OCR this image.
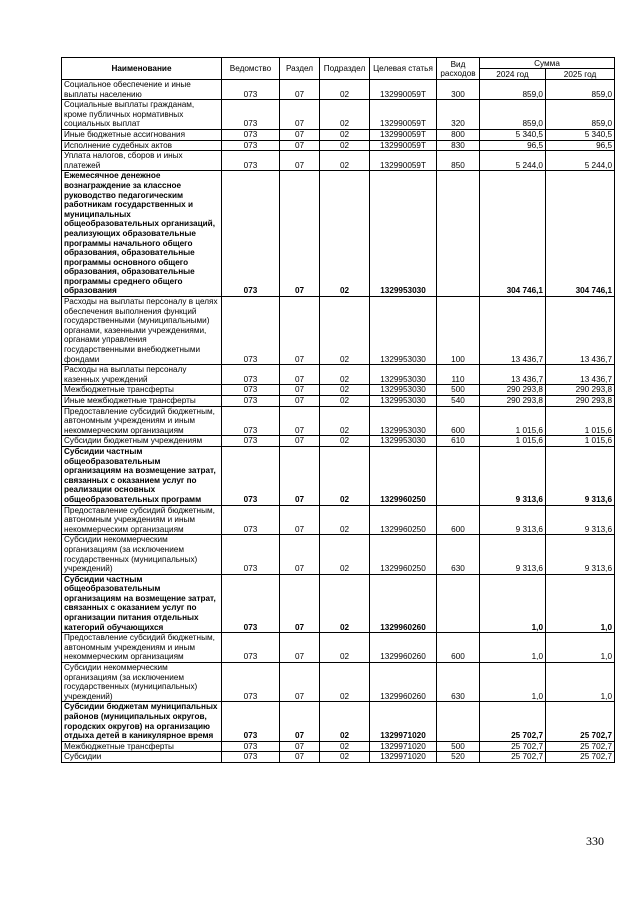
Наименование	Ведомство	Раздел	Подраздел	Целевая статья	Вид расходов	Сумма	
						2024 год	2025 год
Социальное обеспечение и иные выплаты населению	073	07	02	132990059Т	300	859,0	859,0
Социальные выплаты гражданам, кроме публичных нормативных социальных выплат	073	07	02	132990059Т	320	859,0	859,0
Иные бюджетные ассигнования	073	07	02	132990059Т	800	5 340,5	5 340,5
Исполнение судебных актов	073	07	02	132990059Т	830	96,5	96,5
Уплата налогов, сборов и иных платежей	073	07	02	132990059Т	850	5 244,0	5 244,0
Ежемесячное денежное вознаграждение за классное руководство педагогическим работникам государственных и муниципальных общеобразовательных организаций, реализующих образовательные программы начального общего образования, образовательные программы основного общего образования, образовательные программы среднего общего образования	073	07	02	1329953030		304 746,1	304 746,1
Расходы на выплаты персоналу в целях обеспечения выполнения функций государственными (муниципальными) органами, казенными учреждениями, органами управления государственными внебюджетными фондами	073	07	02	1329953030	100	13 436,7	13 436,7
Расходы на выплаты персоналу казенных учреждений	073	07	02	1329953030	110	13 436,7	13 436,7
Межбюджетные трансферты	073	07	02	1329953030	500	290 293,8	290 293,8
Иные межбюджетные трансферты	073	07	02	1329953030	540	290 293,8	290 293,8
Предоставление субсидий бюджетным, автономным учреждениям и иным некоммерческим организациям	073	07	02	1329953030	600	1 015,6	1 015,6
Субсидии бюджетным учреждениям	073	07	02	1329953030	610	1 015,6	1 015,6
Субсидии частным общеобразовательным организациям на возмещение затрат, связанных с оказанием услуг по реализации основных общеобразовательных программ	073	07	02	1329960250		9 313,6	9 313,6
Предоставление субсидий бюджетным, автономным учреждениям и иным некоммерческим организациям	073	07	02	1329960250	600	9 313,6	9 313,6
Субсидии некоммерческим организациям (за исключением государственных (муниципальных) учреждений)	073	07	02	1329960250	630	9 313,6	9 313,6
Субсидии частным общеобразовательным организациям на возмещение затрат, связанных с оказанием услуг по организации питания отдельных категорий обучающихся	073	07	02	1329960260		1,0	1,0
Предоставление субсидий бюджетным, автономным учреждениям и иным некоммерческим организациям	073	07	02	1329960260	600	1,0	1,0
Субсидии некоммерческим организациям (за исключением государственных (муниципальных) учреждений)	073	07	02	1329960260	630	1,0	1,0
Субсидии бюджетам муниципальных районов (муниципальных округов, городских округов) на организацию отдыха детей в каникулярное время	073	07	02	1329971020		25 702,7	25 702,7
Межбюджетные трансферты	073	07	02	1329971020	500	25 702,7	25 702,7
Субсидии	073	07	02	1329971020	520	25 702,7	25 702,7
330
